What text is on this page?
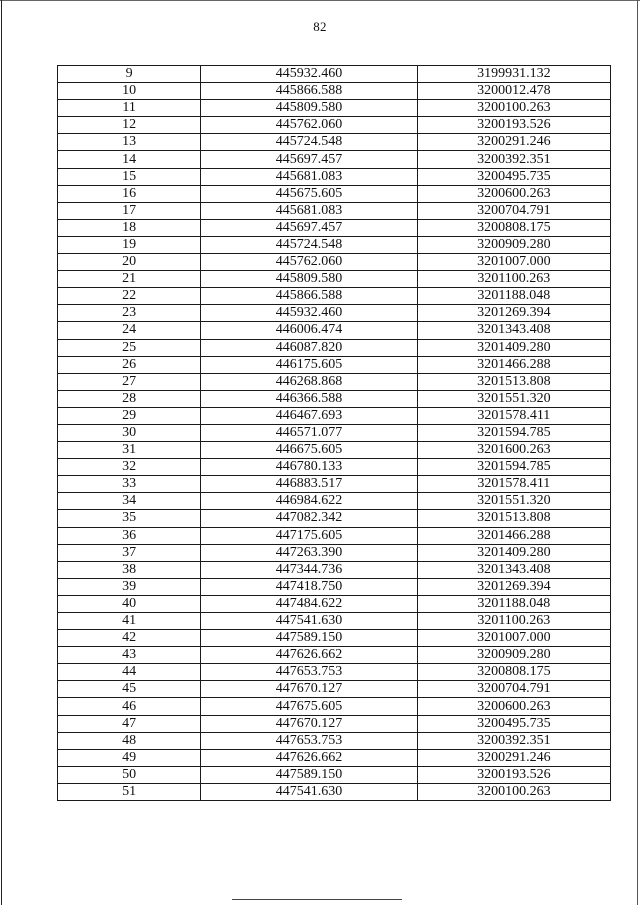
82
9	445932.460	3199931.132
10	445866.588	3200012.478
11	445809.580	3200100.263
12	445762.060	3200193.526
13	445724.548	3200291.246
14	445697.457	3200392.351
15	445681.083	3200495.735
16	445675.605	3200600.263
17	445681.083	3200704.791
18	445697.457	3200808.175
19	445724.548	3200909.280
20	445762.060	3201007.000
21	445809.580	3201100.263
22	445866.588	3201188.048
23	445932.460	3201269.394
24	446006.474	3201343.408
25	446087.820	3201409.280
26	446175.605	3201466.288
27	446268.868	3201513.808
28	446366.588	3201551.320
29	446467.693	3201578.411
30	446571.077	3201594.785
31	446675.605	3201600.263
32	446780.133	3201594.785
33	446883.517	3201578.411
34	446984.622	3201551.320
35	447082.342	3201513.808
36	447175.605	3201466.288
37	447263.390	3201409.280
38	447344.736	3201343.408
39	447418.750	3201269.394
40	447484.622	3201188.048
41	447541.630	3201100.263
42	447589.150	3201007.000
43	447626.662	3200909.280
44	447653.753	3200808.175
45	447670.127	3200704.791
46	447675.605	3200600.263
47	447670.127	3200495.735
48	447653.753	3200392.351
49	447626.662	3200291.246
50	447589.150	3200193.526
51	447541.630	3200100.263
